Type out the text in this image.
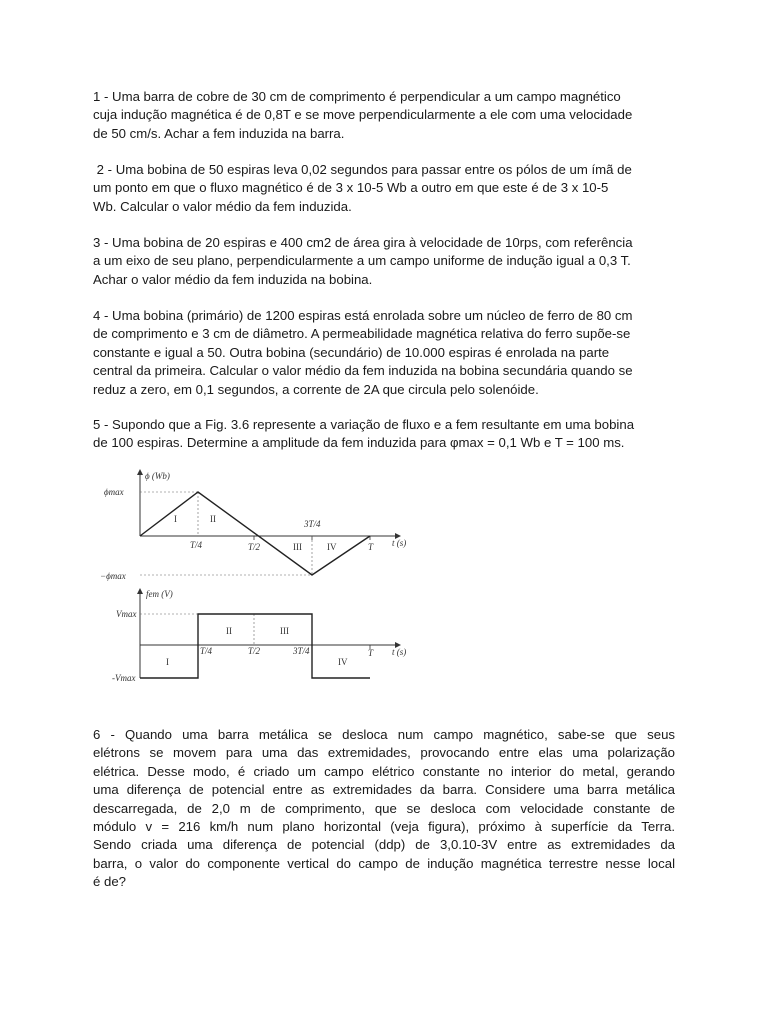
1 - Uma barra de cobre de 30 cm de comprimento é perpendicular a um campo magnético
cuja indução magnética é de 0,8T e se move perpendicularmente a ele com uma velocidade
de 50 cm/s. Achar a fem induzida na barra.

2 - Uma bobina de 50 espiras leva 0,02 segundos para passar entre os pólos de um ímã de
um ponto em que o fluxo magnético é de 3 x 10-5 Wb a outro em que este é de 3 x 10-5
Wb. Calcular o valor médio da fem induzida.

3 - Uma bobina de 20 espiras e 400 cm2 de área gira à velocidade de 10rps, com referência
a um eixo de seu plano, perpendicularmente a um campo uniforme de indução igual a 0,3 T.
Achar o valor médio da fem induzida na bobina.

4 - Uma bobina (primário) de 1200 espiras está enrolada sobre um núcleo de ferro de 80 cm
de comprimento e 3 cm de diâmetro. A permeabilidade magnética relativa do ferro supõe-se
constante e igual a 50. Outra bobina (secundário) de 10.000 espiras é enrolada na parte
central da primeira. Calcular o valor médio da fem induzida na bobina secundária quando se
reduz a zero, em 0,1 segundos, a corrente de 2A que circula pelo solenóide.

5 - Supondo que a Fig. 3.6 represente a variação de fluxo e a fem resultante em uma bobina
de 100 espiras. Determine a amplitude da fem induzida para φmax = 0,1 Wb e T = 100 ms.

ϕ (Wb)
t (s)
ϕmax
−ϕmax
T/4	T/2
3T/4
T
I	II
III	IV
fem (V)
t (s)
Vmax
-Vmax
T/4	T/2	3T/4	T
I
II	III
IV
6 - Quando uma barra metálica se desloca num campo magnético, sabe-se que seus
elétrons se movem para uma das extremidades, provocando entre elas uma polarização
elétrica. Desse modo, é criado um campo elétrico constante no interior do metal, gerando
uma diferença de potencial entre as extremidades da barra. Considere uma barra metálica
descarregada, de 2,0 m de comprimento, que se desloca com velocidade constante de
módulo v = 216 km/h num plano horizontal (veja figura), próximo à superfície da Terra.
Sendo criada uma diferença de potencial (ddp) de 3,0.10-3V entre as extremidades da
barra, o valor do componente vertical do campo de indução magnética terrestre nesse local
é de?
